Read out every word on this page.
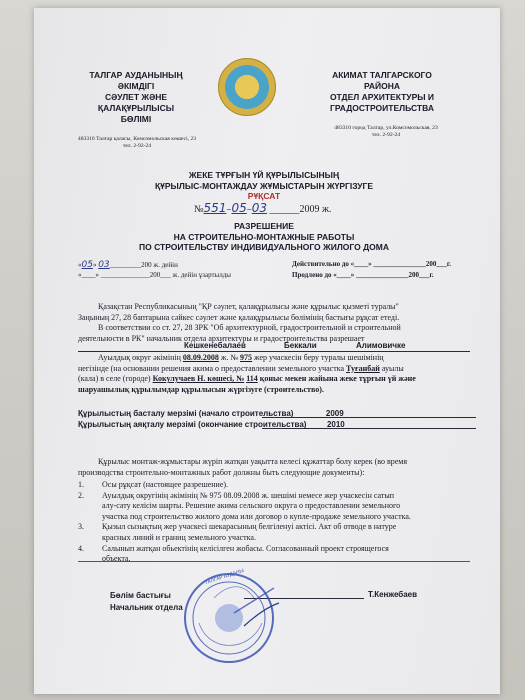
ТАЛГАР АУДАНЫНЫҢ
ӘКІМДІГІ
СӘУЛЕТ ЖӘНЕ
ҚАЛАҚҰРЫЛЫСЫ
БӨЛІМІ
483310 Талғар қаласы, Комсомольская көшесі, 23
тел. 2-92-24
АКИМАТ ТАЛГАРСКОГО
РАЙОНА
ОТДЕЛ АРХИТЕКТУРЫ И
ГРАДОСТРОИТЕЛЬСТВА
483310 город Талгар, ул.Комсомольская, 23
тел. 2-92-24
ЖЕКЕ ТҰРҒЫН ҮЙ ҚҰРЫЛЫСЫНЫҢ
ҚҰРЫЛЫС-МОНТАЖДАУ ЖҰМЫСТАРЫН ЖҮРГІЗУГЕ
РҰҚСАТ
№551–05–03 ______2009 ж.
РАЗРЕШЕНИЕ
НА СТРОИТЕЛЬНО-МОНТАЖНЫЕ РАБОТЫ
ПО СТРОИТЕЛЬСТВУ ИНДИВИДУАЛЬНОГО ЖИЛОГО ДОМА
«05» 03_________200 ж. дейін
«____» ______________200___ ж. дейін ұзартылды
Действительно до «____» _______________200___г.
Продлено до «____» _______________200___г.
Қазақстан Республикасының "ҚР сәулет, қалақұрылысы және құрылыс қызметі туралы"
Заңының 27, 28 баптарына сәйкес сәулет және қалақұрылысы бөлімінің бастығы рұқсат етеді.
В соответствии со ст. 27, 28 ЗРК "Об архитектурной, градостроительной и строительной
деятельности в РК" начальник отдела архитектуры и градостроительства разрешает
Кешкенебалаев	Беккали	Алимовичке
Ауылдық округ әкімінің 08.09.2008 ж. № 975 жер учаскесін беру туралы шешімінің
негізінде (на основании решения акима о предоставлении земельного участка Туғанбай ауылы
(кала) в селе (городе) Кокулучаев Н. көшесі, № 114 қоныс мекен жайына жеке тұрғын үй және
шаруашылық құрылымдар құрылысын жүргізуге (строительство).
Құрылыстың басталу мерзімі (начало строительства)	2009
Құрылыстың аяқталу мерзімі (окончание строительства)	2010
Құрылыс монтаж-жұмыстары жүріп жатқан уақытта келесі құжаттар болу керек (во время
производства строительно-монтажных работ должны быть следующие документы):
1.	Осы рұқсат (настоящее разрешение).
2.	Ауылдық округінің әкімінің № 975 08.09.2008 ж. шешімі немесе жер учаскесін сатып
алу-сату келісім шарты. Решение акима сельского округа о предоставлении земельного
участка под строительство жилого дома или договор о купле-продаже земельного участка.
3.	Қызыл сызықтың жер учаскесі шекарасының белгіленуі актісі. Акт об отводе в натуре
красных линий и границ земельного участка.
4.	Салынып жатқан обьектінің келісілген жобасы. Согласованный проект строящегося
объекта.
Бөлім бастығы
Начальник отдела
Т.Кенжебаев
ТАЛГАР АУДАНЫ
